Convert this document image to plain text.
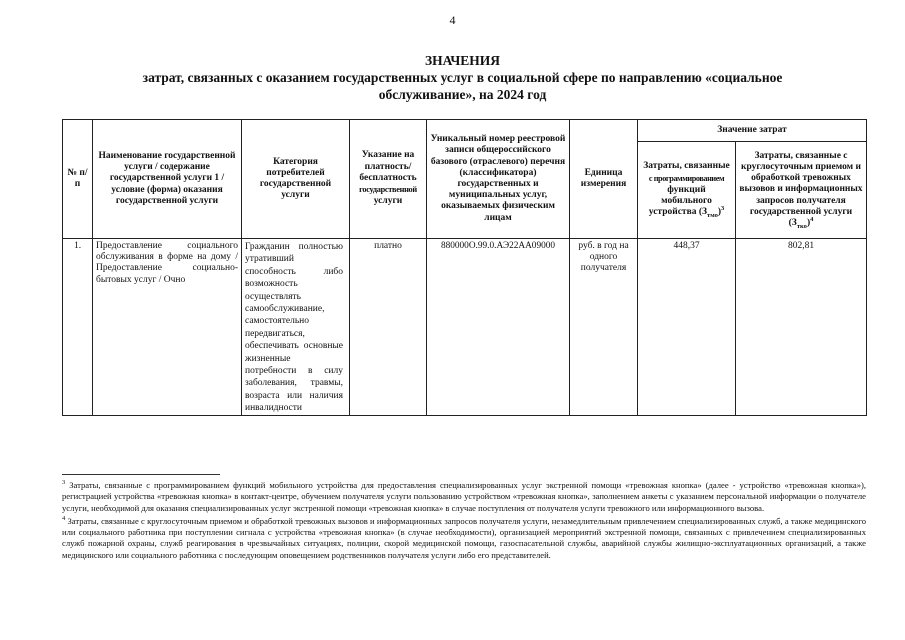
4
ЗНАЧЕНИЯ
затрат, связанных с оказанием государственных услуг в социальной сфере по направлению «социальное
обслуживание», на 2024 год
№ п/п	Наименование государственной услуги / содержание государственной услуги 1 / условие (форма) оказания государственной услуги	Категория потребителей государственной услуги	Указание на платность/ бесплатность государственной услуги	Уникальный номер реестровой записи общероссийского базового (отраслевого) перечня (классификатора) государственных и муниципальных услуг, оказываемых физическим лицам	Единица измерения	Значение затрат	
						Затраты, связанные с программированием функций мобильного устройства $(З_{тмо})^3$	Затраты, связанные с круглосуточным приемом и обработкой тревожных вызовов и информационных запросов получателя государственной услуги $(З_{тко})^4$
1.	Предоставление социального обслуживания в форме на дому / Предоставление социально-бытовых услуг / Очно	Гражданин полностью утративший способность либо возможность осуществлять самообслуживание, самостоятельно передвигаться, обеспечивать основные жизненные потребности в силу заболевания, травмы, возраста или наличия инвалидности	платно	880000О.99.0.АЭ22АА09000	руб. в год на одного получателя	448,37	802,81

$^3$ Затраты, связанные с программированием функций мобильного устройства для предоставления специализированных услуг экстренной помощи «тревожная кнопка» (далее - устройство «тревожная кнопка»), регистрацией устройства «тревожная кнопка» в контакт-центре, обучением получателя услуги пользованию устройством «тревожная кнопка», заполнением анкеты с указанием персональной информации о получателе услуги, необходимой для оказания специализированных услуг экстренной помощи «тревожная кнопка» в случае поступления от получателя услуги тревожного или информационного вызова.

$^4$ Затраты, связанные с круглосуточным приемом и обработкой тревожных вызовов и информационных запросов получателя услуги, незамедлительным привлечением специализированных служб, а также медицинского или социального работника при поступлении сигнала с устройства «тревожная кнопка» (в случае необходимости), организацией мероприятий экстренной помощи, связанных с привлечением специализированных служб пожарной охраны, служб реагирования в чрезвычайных ситуациях, полиции, скорой медицинской помощи, газоспасательной службы, аварийной службы жилищно-эксплуатационных организаций, а также медицинского или социального работника с последующим оповещением родственников получателя услуги либо его представителей.
